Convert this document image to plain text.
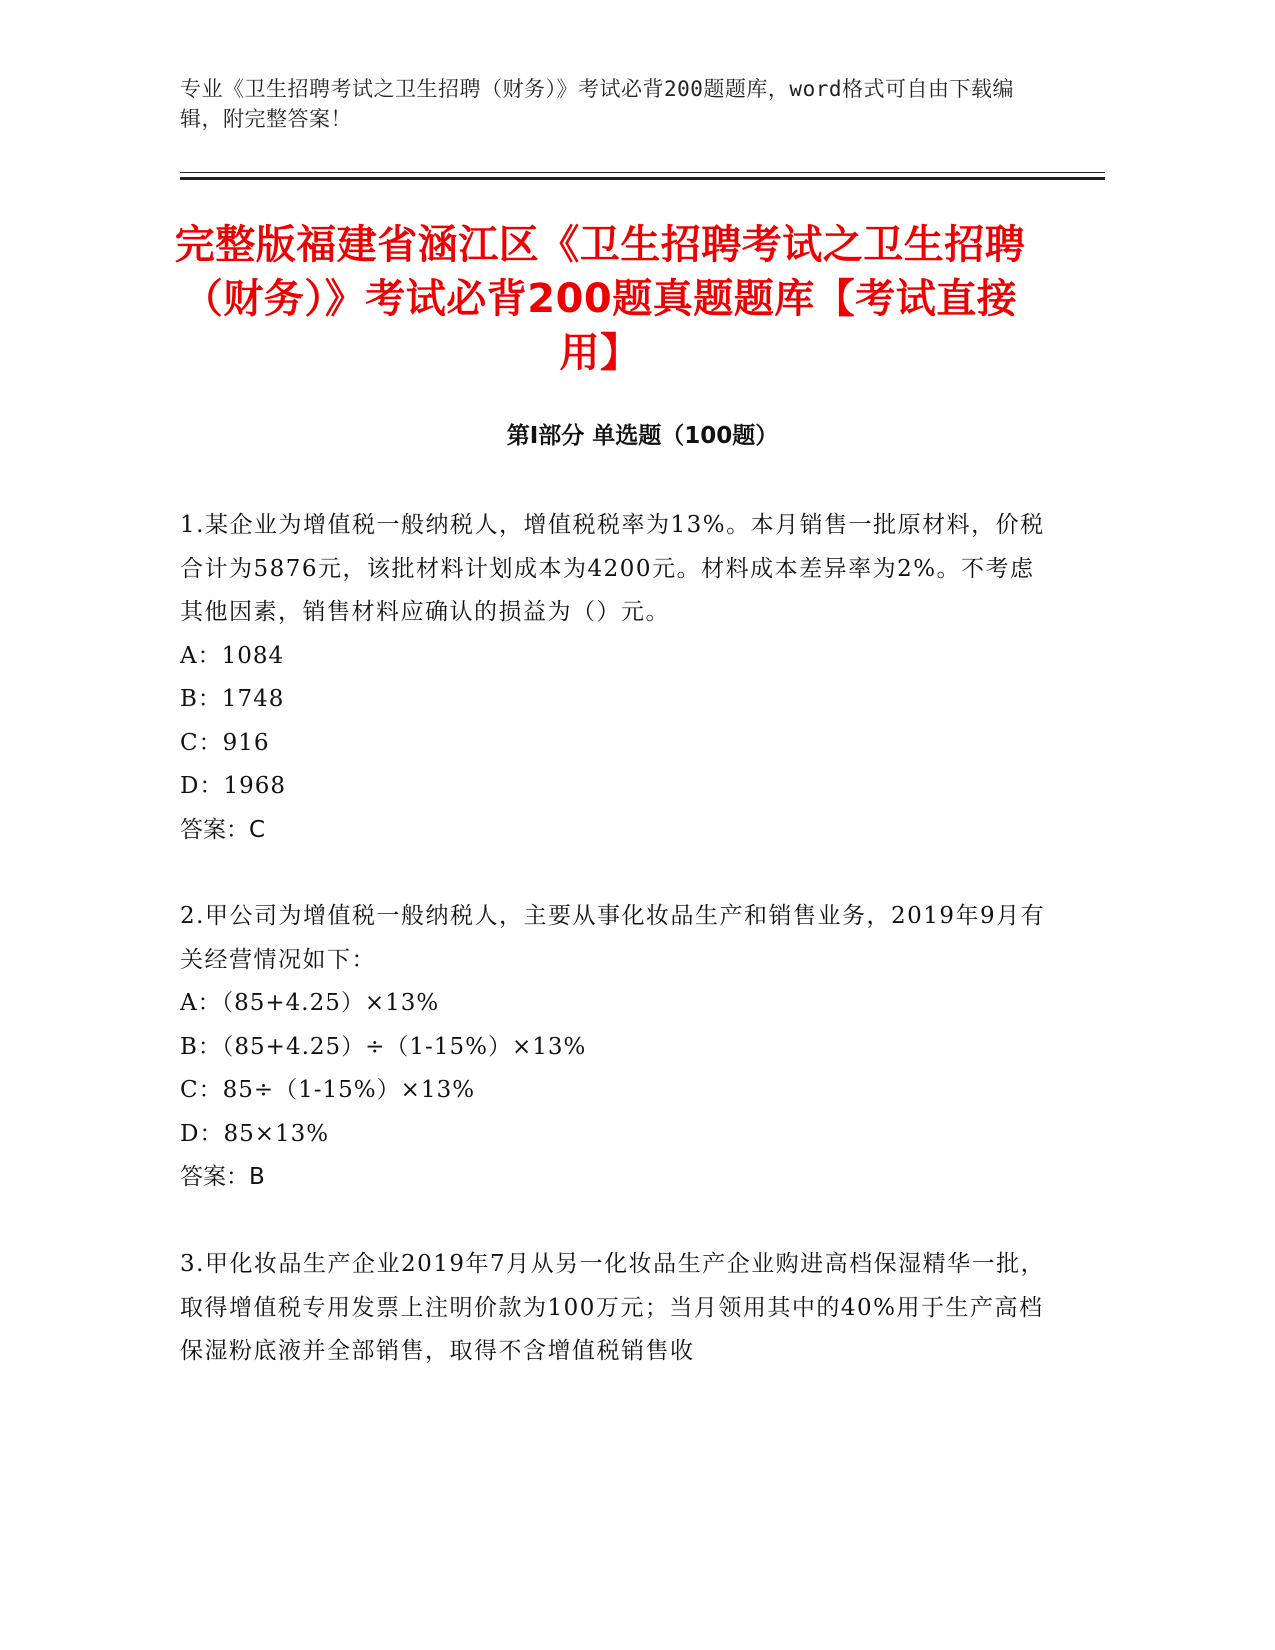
专业《卫生招聘考试之卫生招聘（财务）》考试必背200题题库，word格式可自由下载编辑，附完整答案！
完整版福建省涵江区《卫生招聘考试之卫生招聘（财务）》考试必背200题真题题库【考试直接用】
第Ⅰ部分 单选题（100题）

1.某企业为增值税一般纳税人，增值税税率为13%。本月销售一批原材料，价税合计为5876元，该批材料计划成本为4200元。材料成本差异率为2%。不考虑其他因素，销售材料应确认的损益为（）元。

A：1084

B：1748

C：916

D：1968

答案：C

2.甲公司为增值税一般纳税人，主要从事化妆品生产和销售业务，2019年9月有关经营情况如下：

A：（85+4.25）×13%

B：（85+4.25）÷（1-15%）×13%

C：85÷（1-15%）×13%

D：85×13%

答案：B

3.甲化妆品生产企业2019年7月从另一化妆品生产企业购进高档保湿精华一批，取得增值税专用发票上注明价款为100万元；当月领用其中的40%用于生产高档保湿粉底液并全部销售，取得不含增值税销售收
